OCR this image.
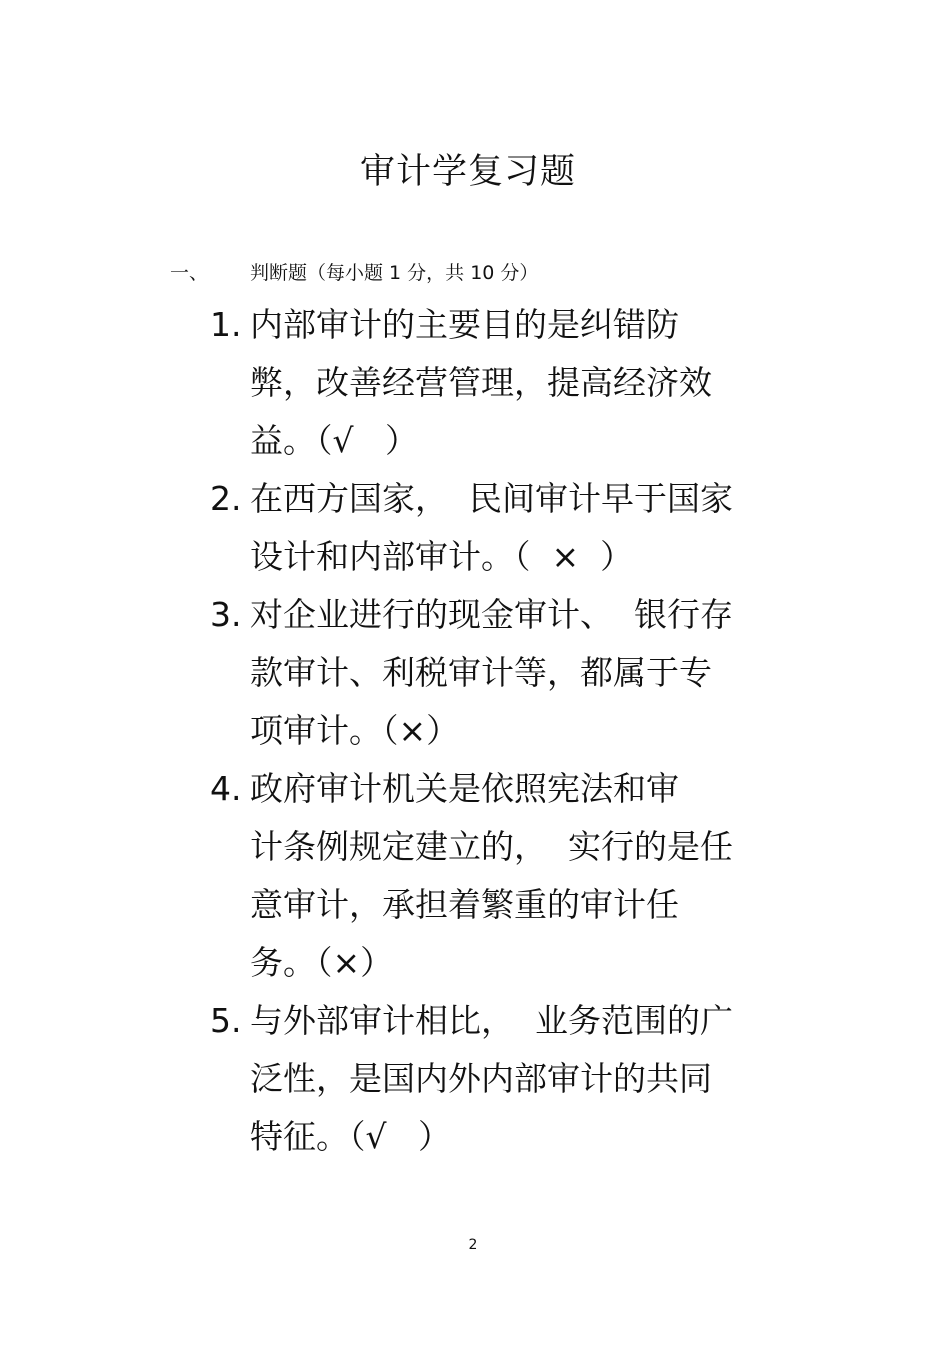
审计学复习题
一、	判断题（每小题 1 分，共 10 分）
1. 内部审计的主要目的是纠错防
弊，改善经营管理，提高经济效
益。（√   ）
2. 在西方国家，  民间审计早于国家
设计和内部审计。（  ×  ）
3. 对企业进行的现金审计、  银行存
款审计、利税审计等，都属于专
项审计。（×）
4. 政府审计机关是依照宪法和审
计条例规定建立的，  实行的是任
意审计，承担着繁重的审计任
务。（×）
5. 与外部审计相比，  业务范围的广
泛性，是国内外内部审计的共同
特征。（√   ）
2
